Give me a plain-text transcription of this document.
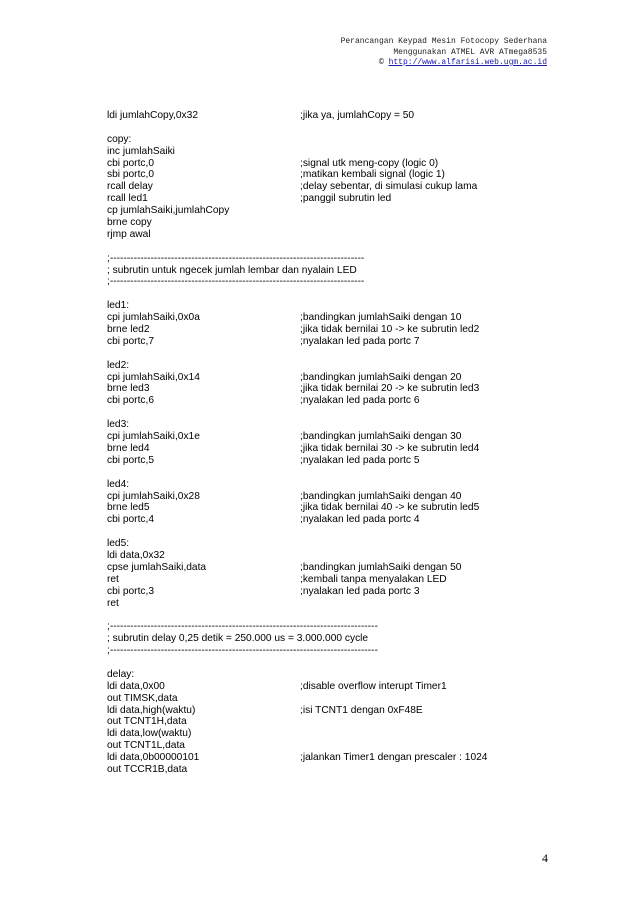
Perancangan Keypad Mesin Fotocopy Sederhana
Menggunakan ATMEL AVR ATmega8535
© http://www.alfarisi.web.ugm.ac.id
ldi jumlahCopy,0x32	;jika ya, jumlahCopy = 50
copy:
inc jumlahSaiki
cbi portc,0	;signal utk meng-copy (logic 0)
sbi portc,0	;matikan kembali signal (logic 1)
rcall delay	;delay sebentar, di simulasi cukup lama
rcall led1	;panggil subrutin led
cp jumlahSaiki,jumlahCopy
brne copy
rjmp awal
;---------------------------------------------------------------------------
; subrutin untuk ngecek jumlah lembar dan nyalain LED
;---------------------------------------------------------------------------
led1:
cpi jumlahSaiki,0x0a	;bandingkan jumlahSaiki dengan 10
brne led2	;jika tidak bernilai 10 -> ke subrutin led2
cbi portc,7	;nyalakan led pada portc 7
led2:
cpi jumlahSaiki,0x14	;bandingkan jumlahSaiki dengan 20
brne led3	;jika tidak bernilai 20 -> ke subrutin led3
cbi portc,6	;nyalakan led pada portc 6
led3:
cpi jumlahSaiki,0x1e	;bandingkan jumlahSaiki dengan 30
brne led4	;jika tidak bernilai 30 -> ke subrutin led4
cbi portc,5	;nyalakan led pada portc 5
led4:
cpi jumlahSaiki,0x28	;bandingkan jumlahSaiki dengan 40
brne led5	;jika tidak bernilai 40 -> ke subrutin led5
cbi portc,4	;nyalakan led pada portc 4
led5:
ldi data,0x32
cpse jumlahSaiki,data	;bandingkan jumlahSaiki dengan 50
ret	;kembali tanpa menyalakan LED
cbi portc,3	;nyalakan led pada portc 3
ret
;-------------------------------------------------------------------------------
; subrutin delay 0,25 detik = 250.000 us = 3.000.000 cycle
;-------------------------------------------------------------------------------
delay:
ldi data,0x00	;disable overflow interupt Timer1
out TIMSK,data
ldi data,high(waktu)	;isi TCNT1 dengan 0xF48E
out TCNT1H,data
ldi data,low(waktu)
out TCNT1L,data
ldi data,0b00000101	;jalankan Timer1 dengan prescaler : 1024
out TCCR1B,data
4
